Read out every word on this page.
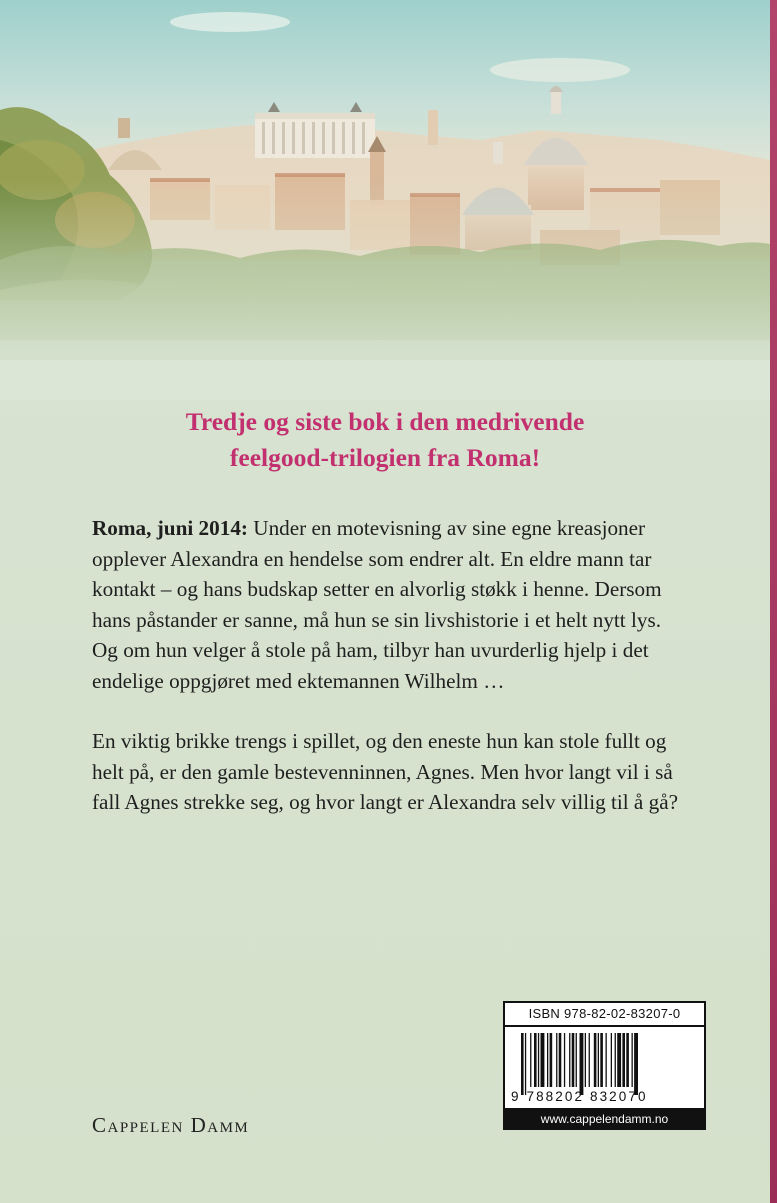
Tredje og siste bok i den medrivende
feelgood-trilogien fra Roma!

Roma, juni 2014: Under en motevisning av sine egne kreasjoner

opplever Alexandra en hendelse som endrer alt. En eldre mann tar

kontakt – og hans budskap setter en alvorlig støkk i henne. Dersom

hans påstander er sanne, må hun se sin livshistorie i et helt nytt lys.

Og om hun velger å stole på ham, tilbyr han uvurderlig hjelp i det

endelige oppgjøret med ektemannen Wilhelm …

En viktig brikke trengs i spillet, og den eneste hun kan stole fullt og

helt på, er den gamle bestevenninnen, Agnes. Men hvor langt vil i så

fall Agnes strekke seg, og hvor langt er Alexandra selv villig til å gå?

Cappelen Damm
ISBN 978-82-02-83207-0
9 788202 832070
www.cappelendamm.no
